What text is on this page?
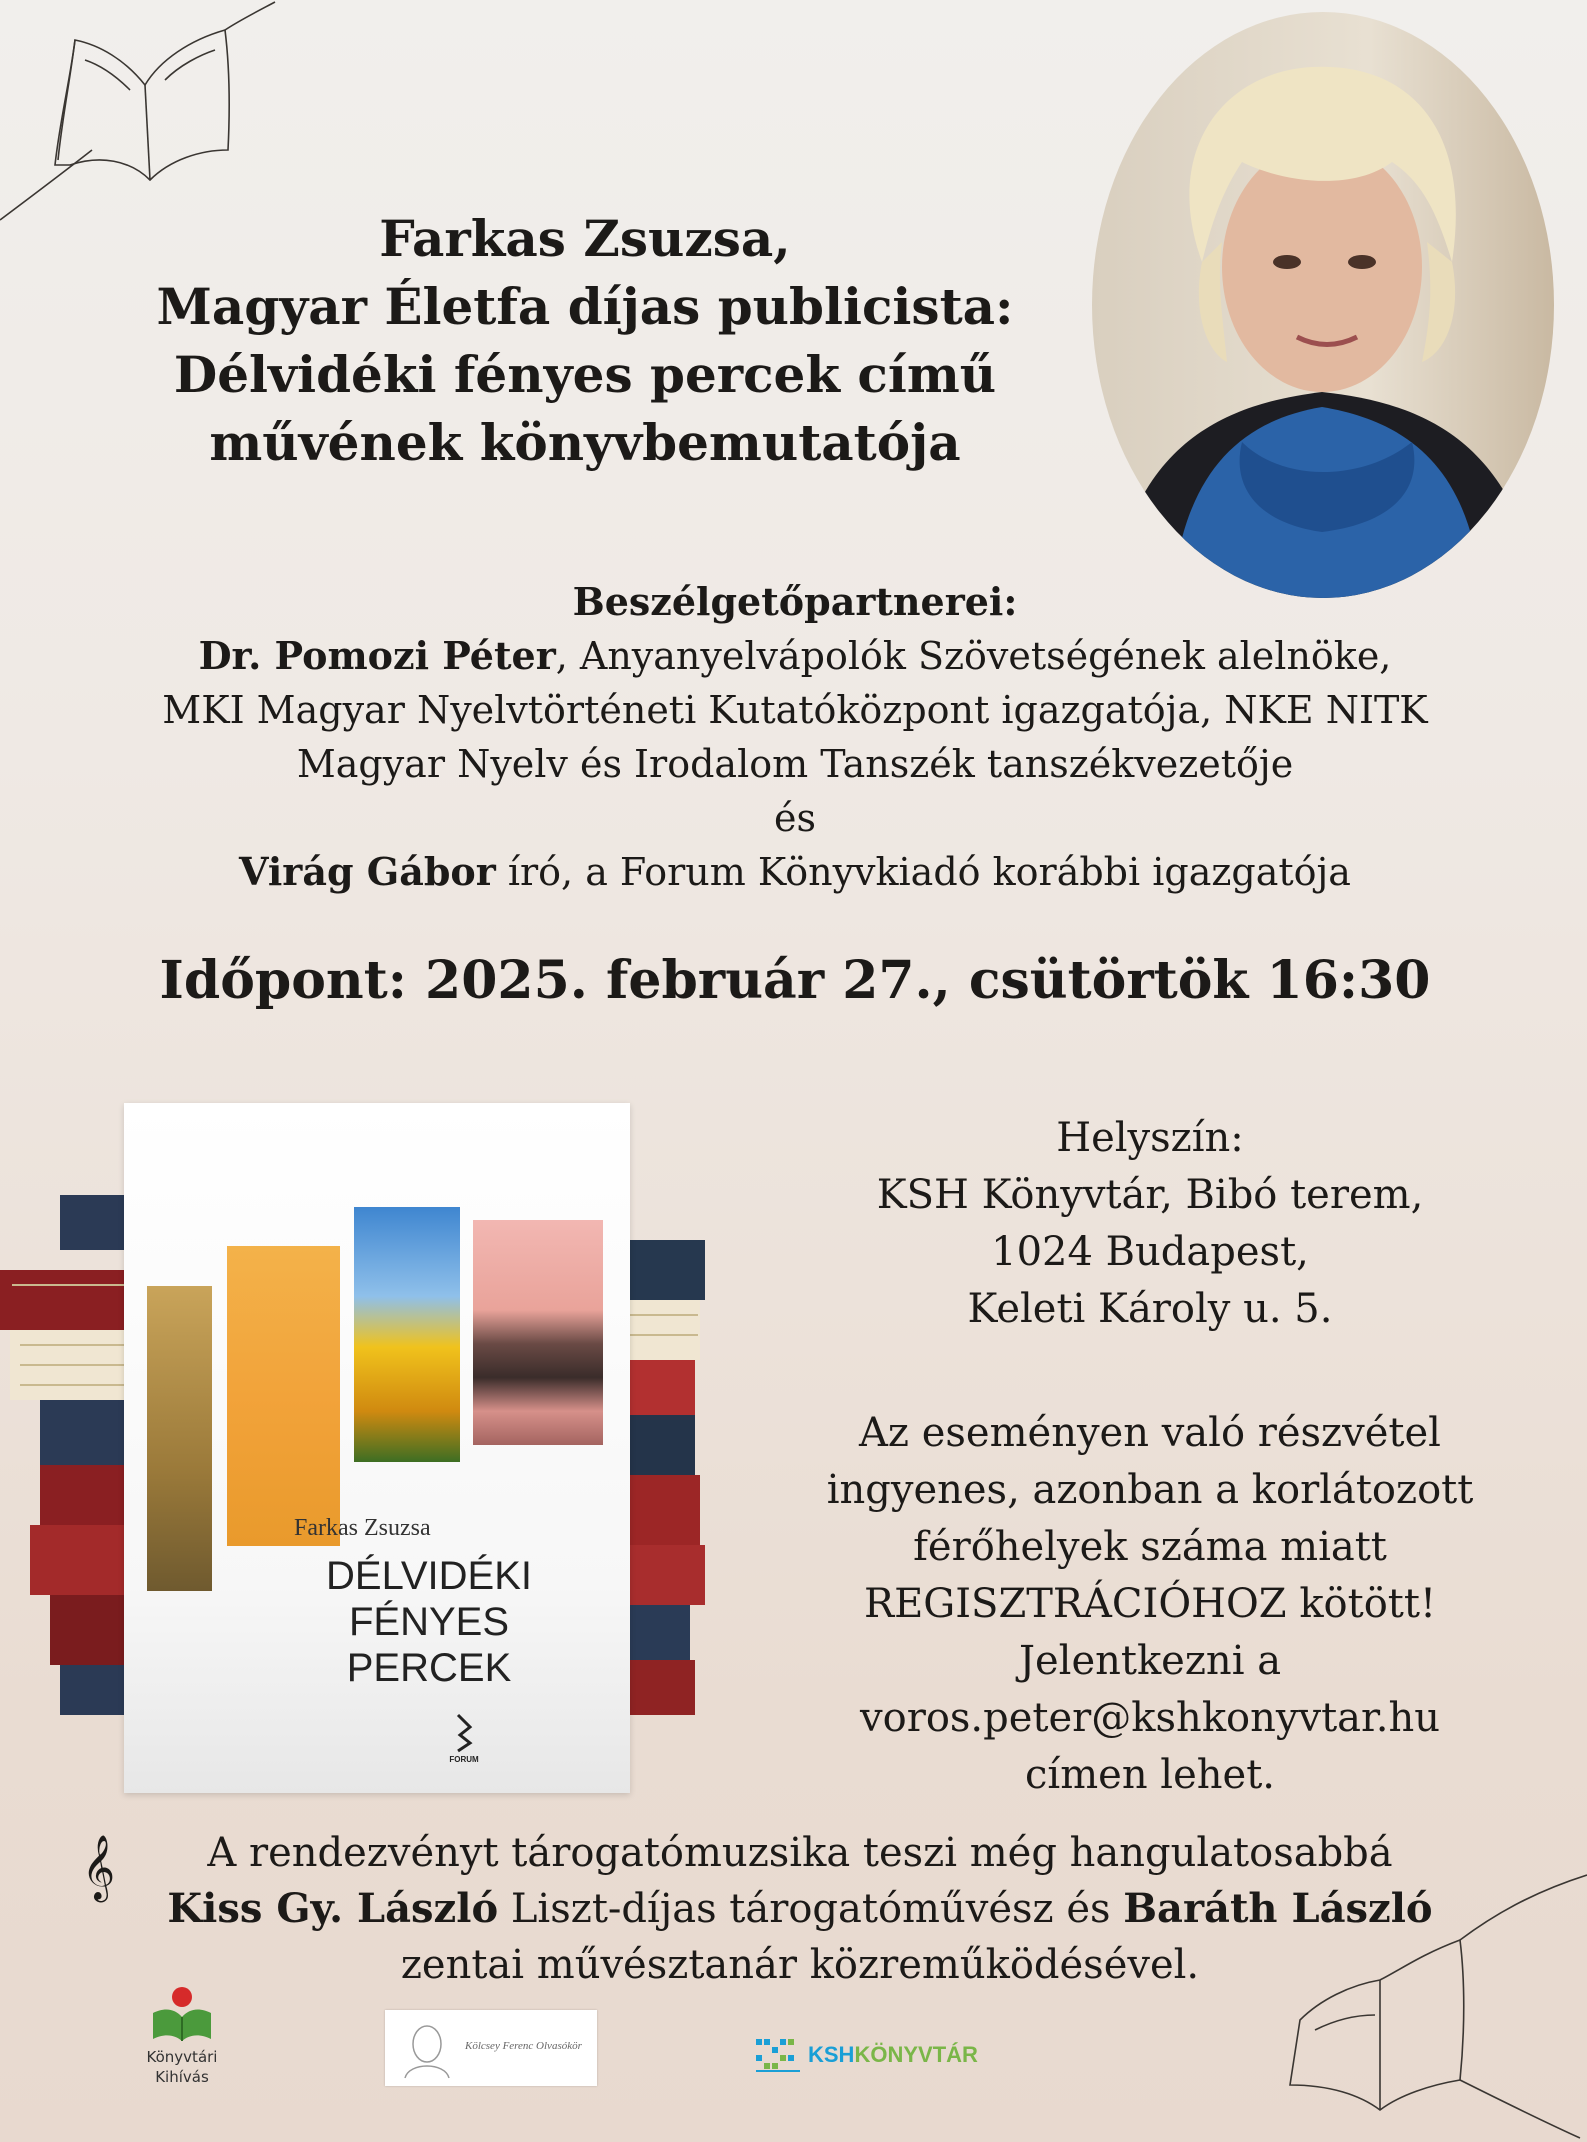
Farkas Zsuzsa,
Magyar Életfa díjas publicista:
Délvidéki fényes percek című
művének könyvbemutatója
Beszélgetőpartnerei:
Dr. Pomozi Péter, Anyanyelvápolók Szövetségének alelnöke,
MKI Magyar Nyelvtörténeti Kutatóközpont igazgatója, NKE NITK
Magyar Nyelv és Irodalom Tanszék tanszékvezetője
és
Virág Gábor író, a Forum Könyvkiadó korábbi igazgatója
Időpont: 2025. február 27., csütörtök 16:30
Farkas Zsuzsa
DÉLVIDÉKI
FÉNYES
PERCEK
FORUM
Helyszín:
KSH Könyvtár, Bibó terem,
1024 Budapest,
Keleti Károly u. 5.
Az eseményen való részvétel
ingyenes, azonban a korlátozott
férőhelyek száma miatt
REGISZTRÁCIÓHOZ kötött!
Jelentkezni a
voros.peter@kshkonyvtar.hu
címen lehet.
𝄞	A rendezvényt tárogatómuzsika teszi még hangulatosabbá
Kiss Gy. László Liszt-díjas tárogatóművész és Baráth László
zentai művésztanár közreműködésével.
Könyvtári
Kihívás
Kölcsey Ferenc Olvasókör	KSHKÖNYVTÁR
